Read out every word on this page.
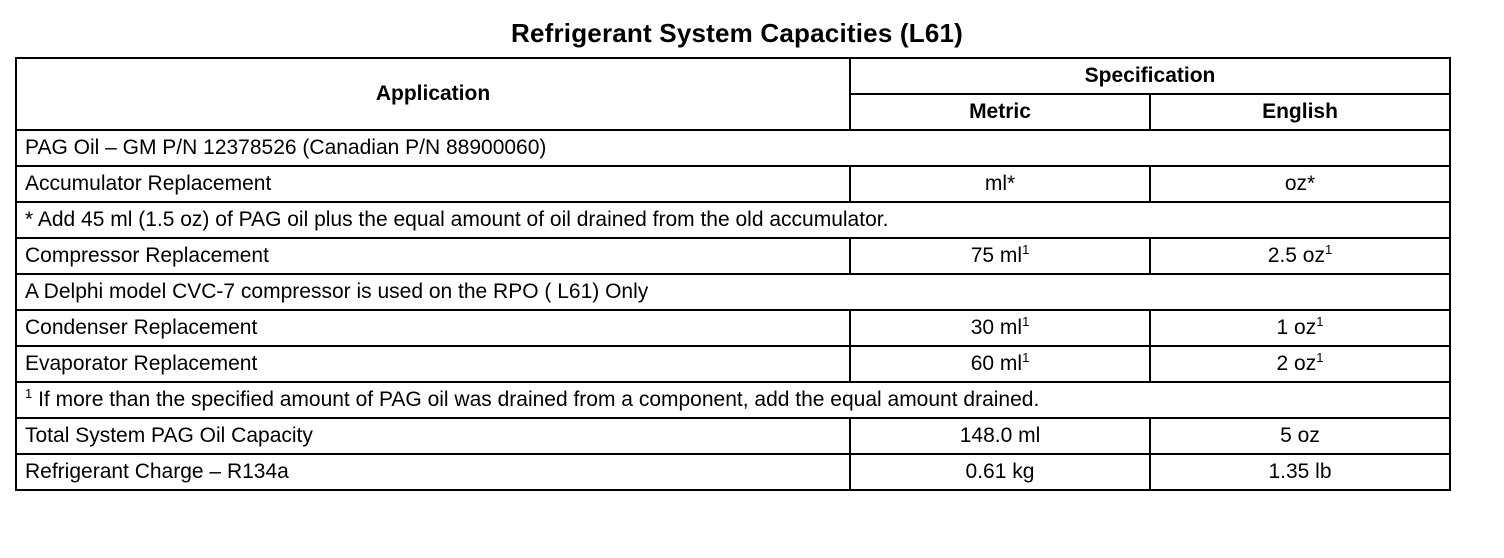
Refrigerant System Capacities (L61)
Application	Specification	
	Metric	English
PAG Oil – GM P/N 12378526 (Canadian P/N 88900060)		
Accumulator Replacement	ml*	oz*
* Add 45 ml (1.5 oz) of PAG oil plus the equal amount of oil drained from the old accumulator.		
Compressor Replacement	75 $ml^1$	2.5 $oz^1$
A Delphi model CVC-7 compressor is used on the RPO ( L61) Only		
Condenser Replacement	30 $ml^1$	1 $oz^1$
Evaporator Replacement	60 $ml^1$	2 $oz^1$
$^1$ If more than the specified amount of PAG oil was drained from a component, add the equal amount drained.		
Total System PAG Oil Capacity	148.0 ml	5 oz
Refrigerant Charge – R134a	0.61 kg	1.35 lb
